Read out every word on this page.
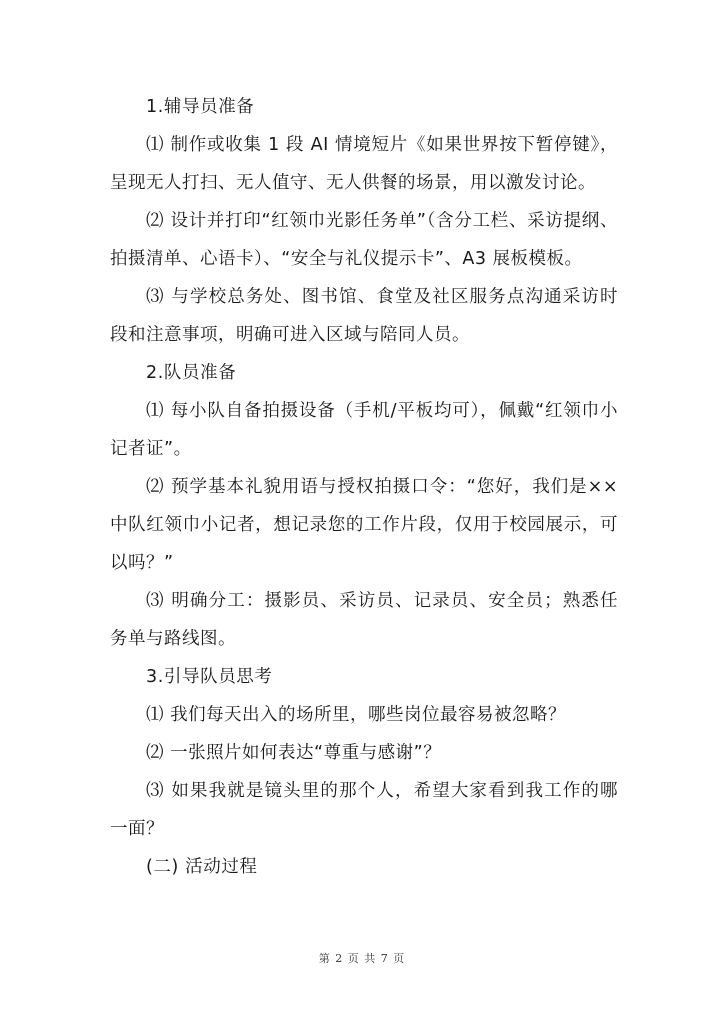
1.辅导员准备

⑴ 制作或收集 1 段 AI 情境短片《如果世界按下暂停键》，呈现无人打扫、无人值守、无人供餐的场景，用以激发讨论。

⑵ 设计并打印“红领巾光影任务单”（含分工栏、采访提纲、拍摄清单、心语卡）、“安全与礼仪提示卡”、A3 展板模板。

⑶ 与学校总务处、图书馆、食堂及社区服务点沟通采访时段和注意事项，明确可进入区域与陪同人员。

2.队员准备

⑴ 每小队自备拍摄设备（手机/平板均可），佩戴“红领巾小记者证”。

⑵ 预学基本礼貌用语与授权拍摄口令：“您好，我们是××中队红领巾小记者，想记录您的工作片段，仅用于校园展示，可以吗？”

⑶ 明确分工：摄影员、采访员、记录员、安全员；熟悉任务单与路线图。

3.引导队员思考

⑴ 我们每天出入的场所里，哪些岗位最容易被忽略？

⑵ 一张照片如何表达“尊重与感谢”？

⑶ 如果我就是镜头里的那个人，希望大家看到我工作的哪一面？

(二) 活动过程

第 2 页 共 7 页
